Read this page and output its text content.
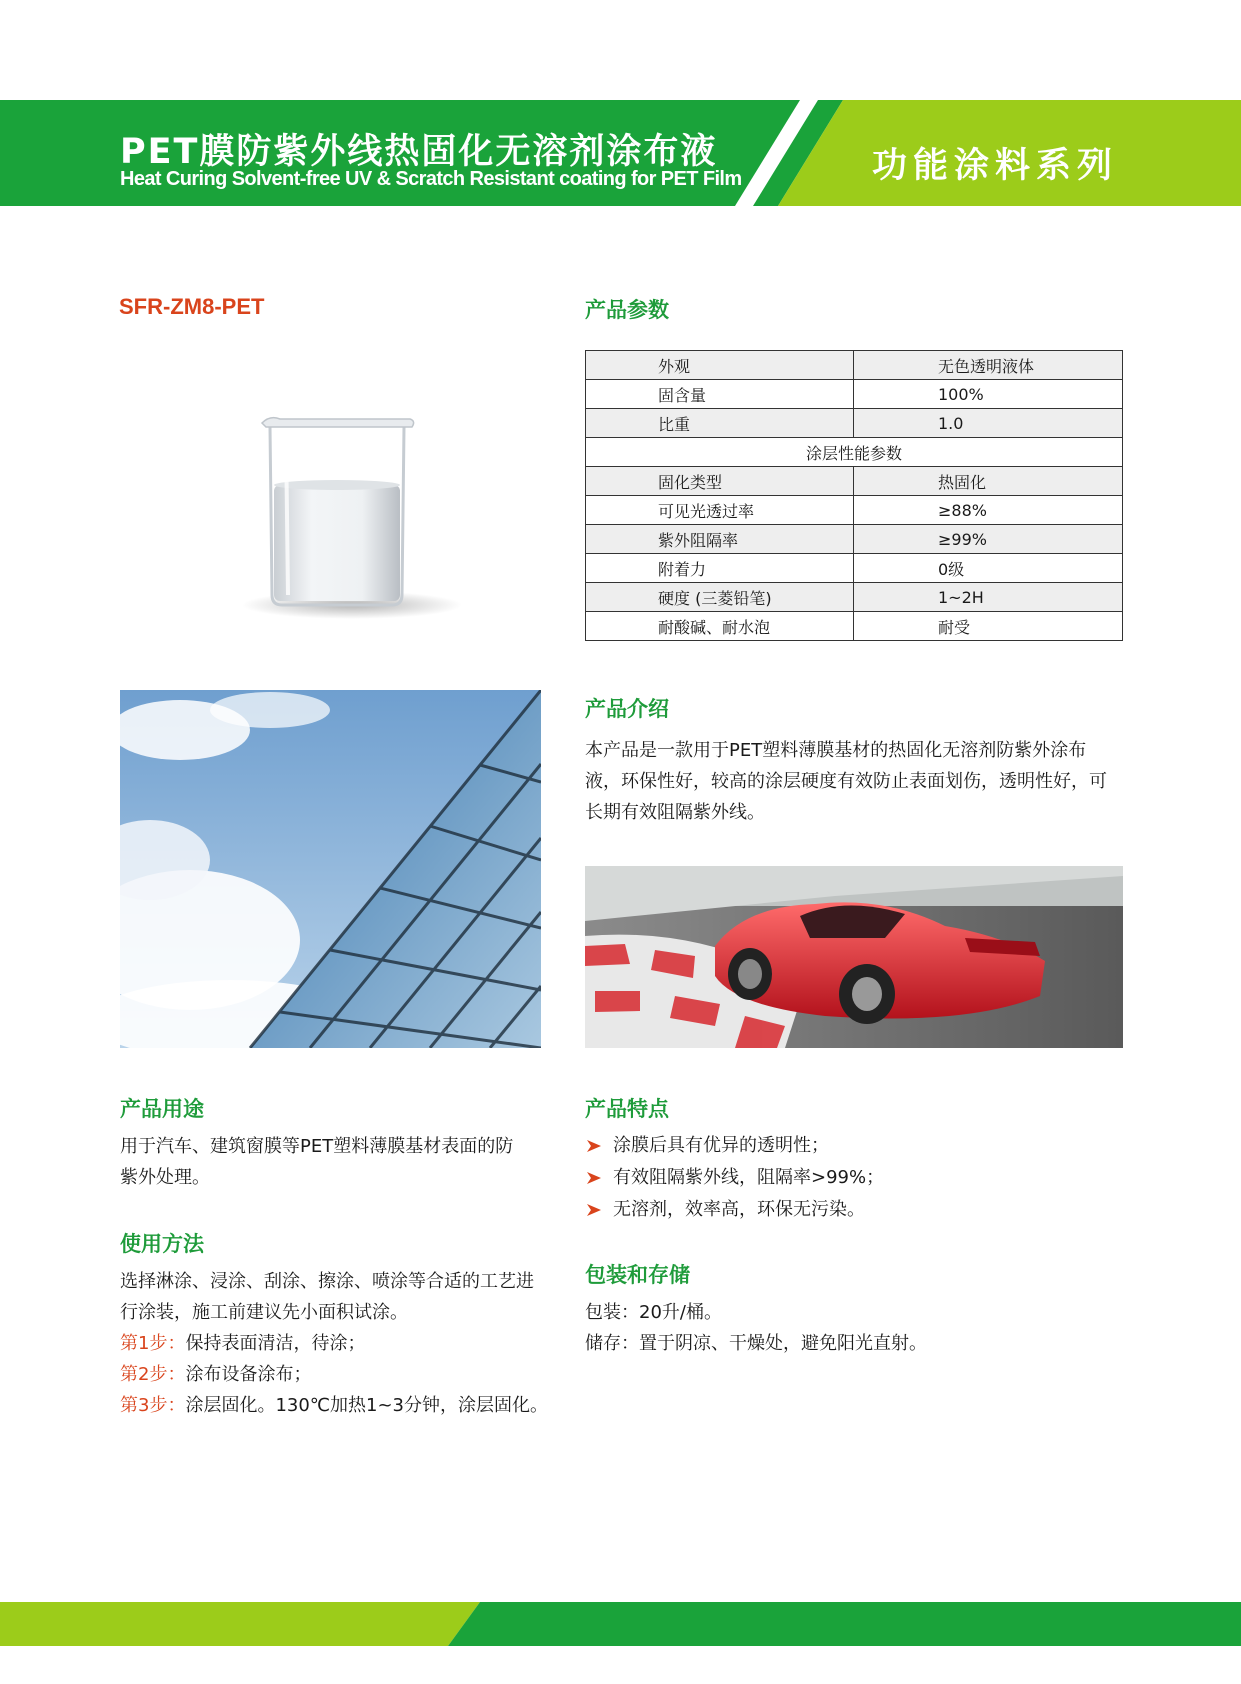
PET膜防紫外线热固化无溶剂涂布液
Heat Curing Solvent-free UV & Scratch Resistant coating for PET Film	功能涂料系列
SFR-ZM8-PET	产品参数
外观	无色透明液体
固含量	100%
比重	1.0
涂层性能参数	
固化类型	热固化
可见光透过率	≥88%
紫外阻隔率	≥99%
附着力	0级
硬度 (三菱铅笔)	1~2H
耐酸碱、耐水泡	耐受
产品介绍
本产品是一款用于PET塑料薄膜基材的热固化无溶剂防紫外涂布
液，环保性好，较高的涂层硬度有效防止表面划伤，透明性好，可
长期有效阻隔紫外线。
产品用途
用于汽车、建筑窗膜等PET塑料薄膜基材表面的防
紫外处理。
使用方法
选择淋涂、浸涂、刮涂、擦涂、喷涂等合适的工艺进
行涂装，施工前建议先小面积试涂。
第1步：保持表面清洁，待涂；
第2步：涂布设备涂布；
第3步：涂层固化。130℃加热1~3分钟，涂层固化。
产品特点
涂膜后具有优异的透明性；
有效阻隔紫外线，阻隔率>99%；
无溶剂，效率高，环保无污染。
包装和存储
包装：20升/桶。
储存：置于阴凉、干燥处，避免阳光直射。
